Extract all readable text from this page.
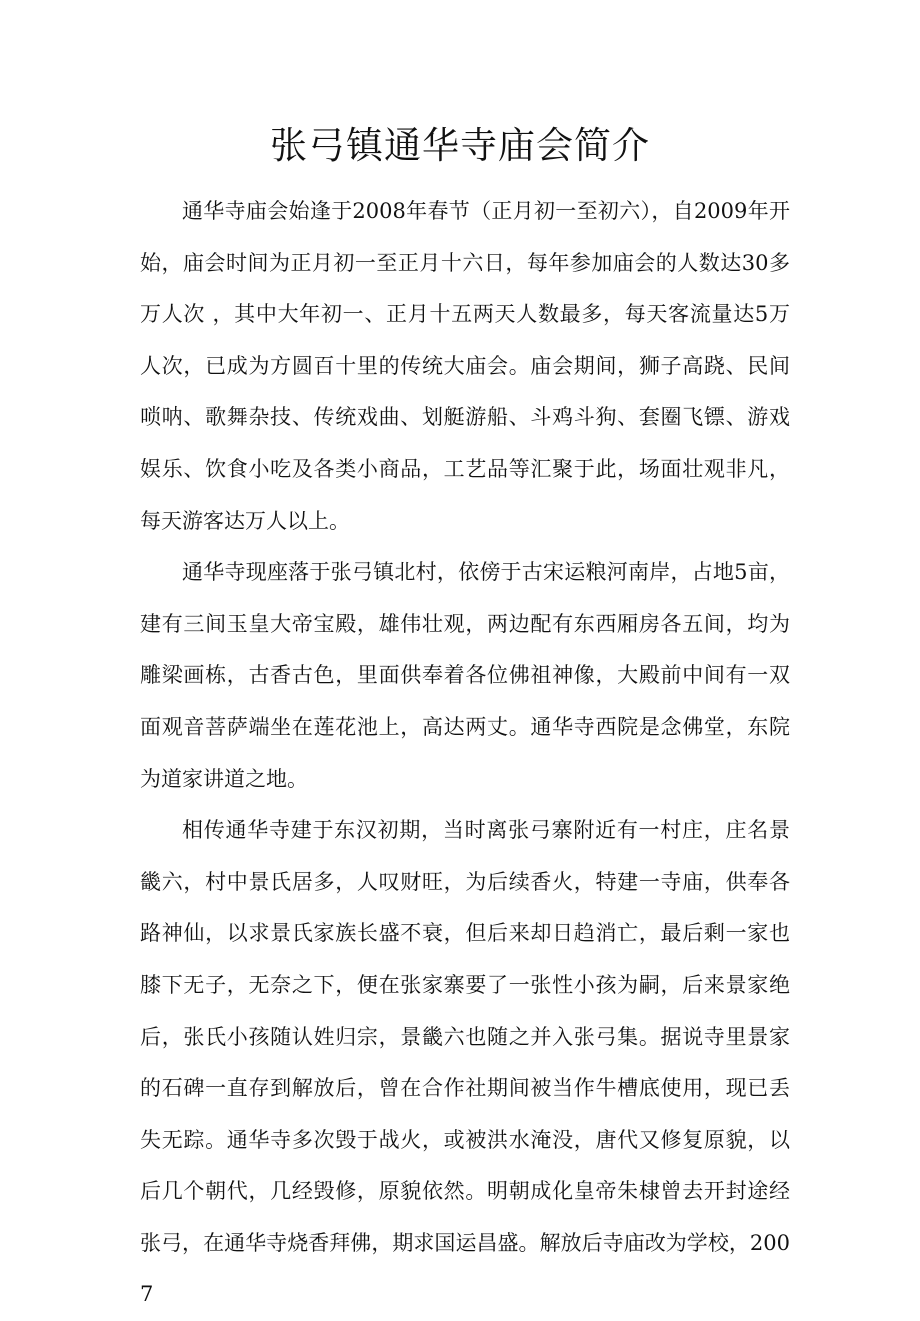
张弓镇通华寺庙会简介

通华寺庙会始逢于2008年春节（正月初一至初六），自2009年开始，庙会时间为正月初一至正月十六日，每年参加庙会的人数达30多万人次 ，其中大年初一、正月十五两天人数最多，每天客流量达5万人次，已成为方圆百十里的传统大庙会。庙会期间，狮子高跷、民间唢呐、歌舞杂技、传统戏曲、划艇游船、斗鸡斗狗、套圈飞镖、游戏娱乐、饮食小吃及各类小商品，工艺品等汇聚于此，场面壮观非凡，每天游客达万人以上。

通华寺现座落于张弓镇北村，依傍于古宋运粮河南岸，占地5亩，建有三间玉皇大帝宝殿，雄伟壮观，两边配有东西厢房各五间，均为雕梁画栋，古香古色，里面供奉着各位佛祖神像，大殿前中间有一双面观音菩萨端坐在莲花池上，高达两丈。通华寺西院是念佛堂，东院为道家讲道之地。

相传通华寺建于东汉初期，当时离张弓寨附近有一村庄，庄名景畿六，村中景氏居多，人叹财旺，为后续香火，特建一寺庙，供奉各路神仙，以求景氏家族长盛不衰，但后来却日趋消亡，最后剩一家也膝下无子，无奈之下，便在张家寨要了一张性小孩为嗣，后来景家绝后，张氏小孩随认姓归宗，景畿六也随之并入张弓集。据说寺里景家的石碑一直存到解放后，曾在合作社期间被当作牛槽底使用，现已丢失无踪。通华寺多次毁于战火，或被洪水淹没，唐代又修复原貌，以后几个朝代，几经毁修，原貌依然。明朝成化皇帝朱棣曾去开封途经张弓，在通华寺烧香拜佛，期求国运昌盛。解放后寺庙改为学校，2007
